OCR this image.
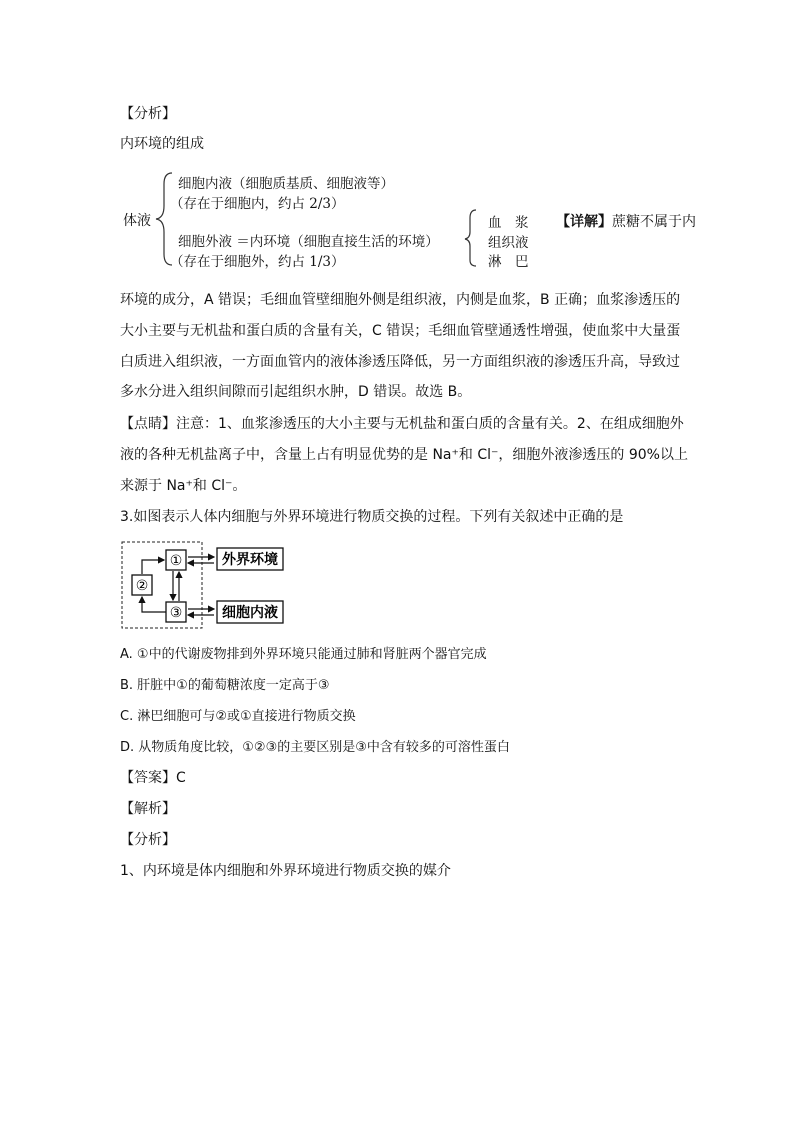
【分析】
内环境的组成
体液
细胞内液（细胞质基质、细胞液等）
（存在于细胞内，约占 2/3）
细胞外液 ＝内环境（细胞直接生活的环境）
（存在于细胞外，约占 1/3）
血　浆
组织液
淋　巴
【详解】蔗糖不属于内
环境的成分，A 错误；毛细血管壁细胞外侧是组织液，内侧是血浆，B 正确；血浆渗透压的
大小主要与无机盐和蛋白质的含量有关，C 错误；毛细血管壁通透性增强，使血浆中大量蛋
白质进入组织液，一方面血管内的液体渗透压降低，另一方面组织液的渗透压升高，导致过
多水分进入组织间隙而引起组织水肿，D 错误。故选 B。
【点睛】注意：1、血浆渗透压的大小主要与无机盐和蛋白质的含量有关。2、在组成细胞外
液的各种无机盐离子中，含量上占有明显优势的是 Na⁺和 Cl⁻，细胞外液渗透压的 90%以上
来源于 Na⁺和 Cl⁻。
3.如图表示人体内细胞与外界环境进行物质交换的过程。下列有关叙述中正确的是
①
②
③
外界环境
细胞内液
A. ①中的代谢废物排到外界环境只能通过肺和肾脏两个器官完成
B. 肝脏中①的葡萄糖浓度一定高于③
C. 淋巴细胞可与②或①直接进行物质交换
D. 从物质角度比较，①②③的主要区别是③中含有较多的可溶性蛋白
【答案】C
【解析】
【分析】
1、内环境是体内细胞和外界环境进行物质交换的媒介
